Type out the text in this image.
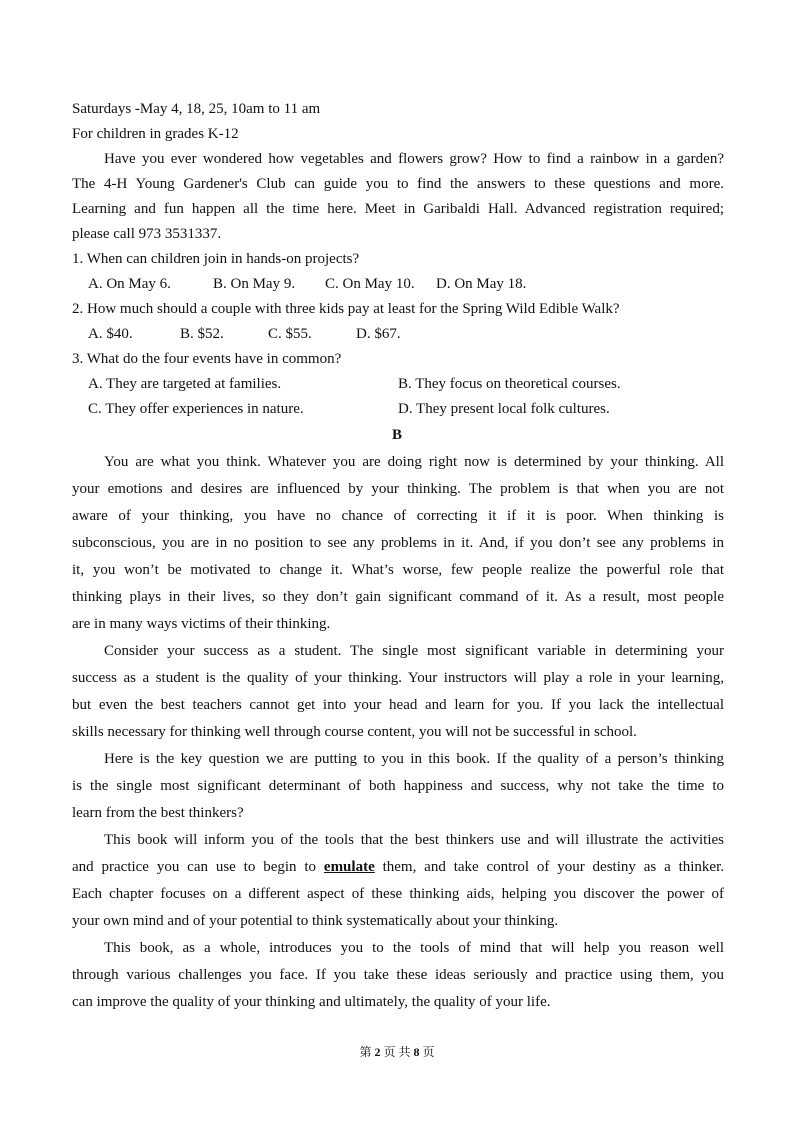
Saturdays -May 4, 18, 25, 10am to 11 am
For children in grades K-12
Have you ever wondered how vegetables and flowers grow? How to find a rainbow in a garden?
The 4-H Young Gardener's Club can guide you to find the answers to these questions and more.
Learning and fun happen all the time here. Meet in Garibaldi Hall. Advanced registration required;
please call 973 3531337.
1. When can children join in hands-on projects?
A. On May 6.	B. On May 9. C. On May 10. D. On May 18.
2. How much should a couple with three kids pay at least for the Spring Wild Edible Walk?
A. $40.	B. $52.	C. $55.	D. $67.
3. What do the four events have in common?
A. They are targeted at families.	B. They focus on theoretical courses.
C. They offer experiences in nature.	D. They present local folk cultures.
B
You are what you think. Whatever you are doing right now is determined by your thinking. All
your emotions and desires are influenced by your thinking. The problem is that when you are not
aware of your thinking, you have no chance of correcting it if it is poor. When thinking is
subconscious, you are in no position to see any problems in it. And, if you don’t see any problems in
it, you won’t be motivated to change it. What’s worse, few people realize the powerful role that
thinking plays in their lives, so they don’t gain significant command of it. As a result, most people
are in many ways victims of their thinking.
Consider your success as a student. The single most significant variable in determining your
success as a student is the quality of your thinking. Your instructors will play a role in your learning,
but even the best teachers cannot get into your head and learn for you. If you lack the intellectual
skills necessary for thinking well through course content, you will not be successful in school.
Here is the key question we are putting to you in this book. If the quality of a person’s thinking
is the single most significant determinant of both happiness and success, why not take the time to
learn from the best thinkers?
This book will inform you of the tools that the best thinkers use and will illustrate the activities
and practice you can use to begin to emulate them, and take control of your destiny as a thinker.
Each chapter focuses on a different aspect of these thinking aids, helping you discover the power of
your own mind and of your potential to think systematically about your thinking.
This book, as a whole, introduces you to the tools of mind that will help you reason well
through various challenges you face. If you take these ideas seriously and practice using them, you
can improve the quality of your thinking and ultimately, the quality of your life.
第 2 页 共 8 页
